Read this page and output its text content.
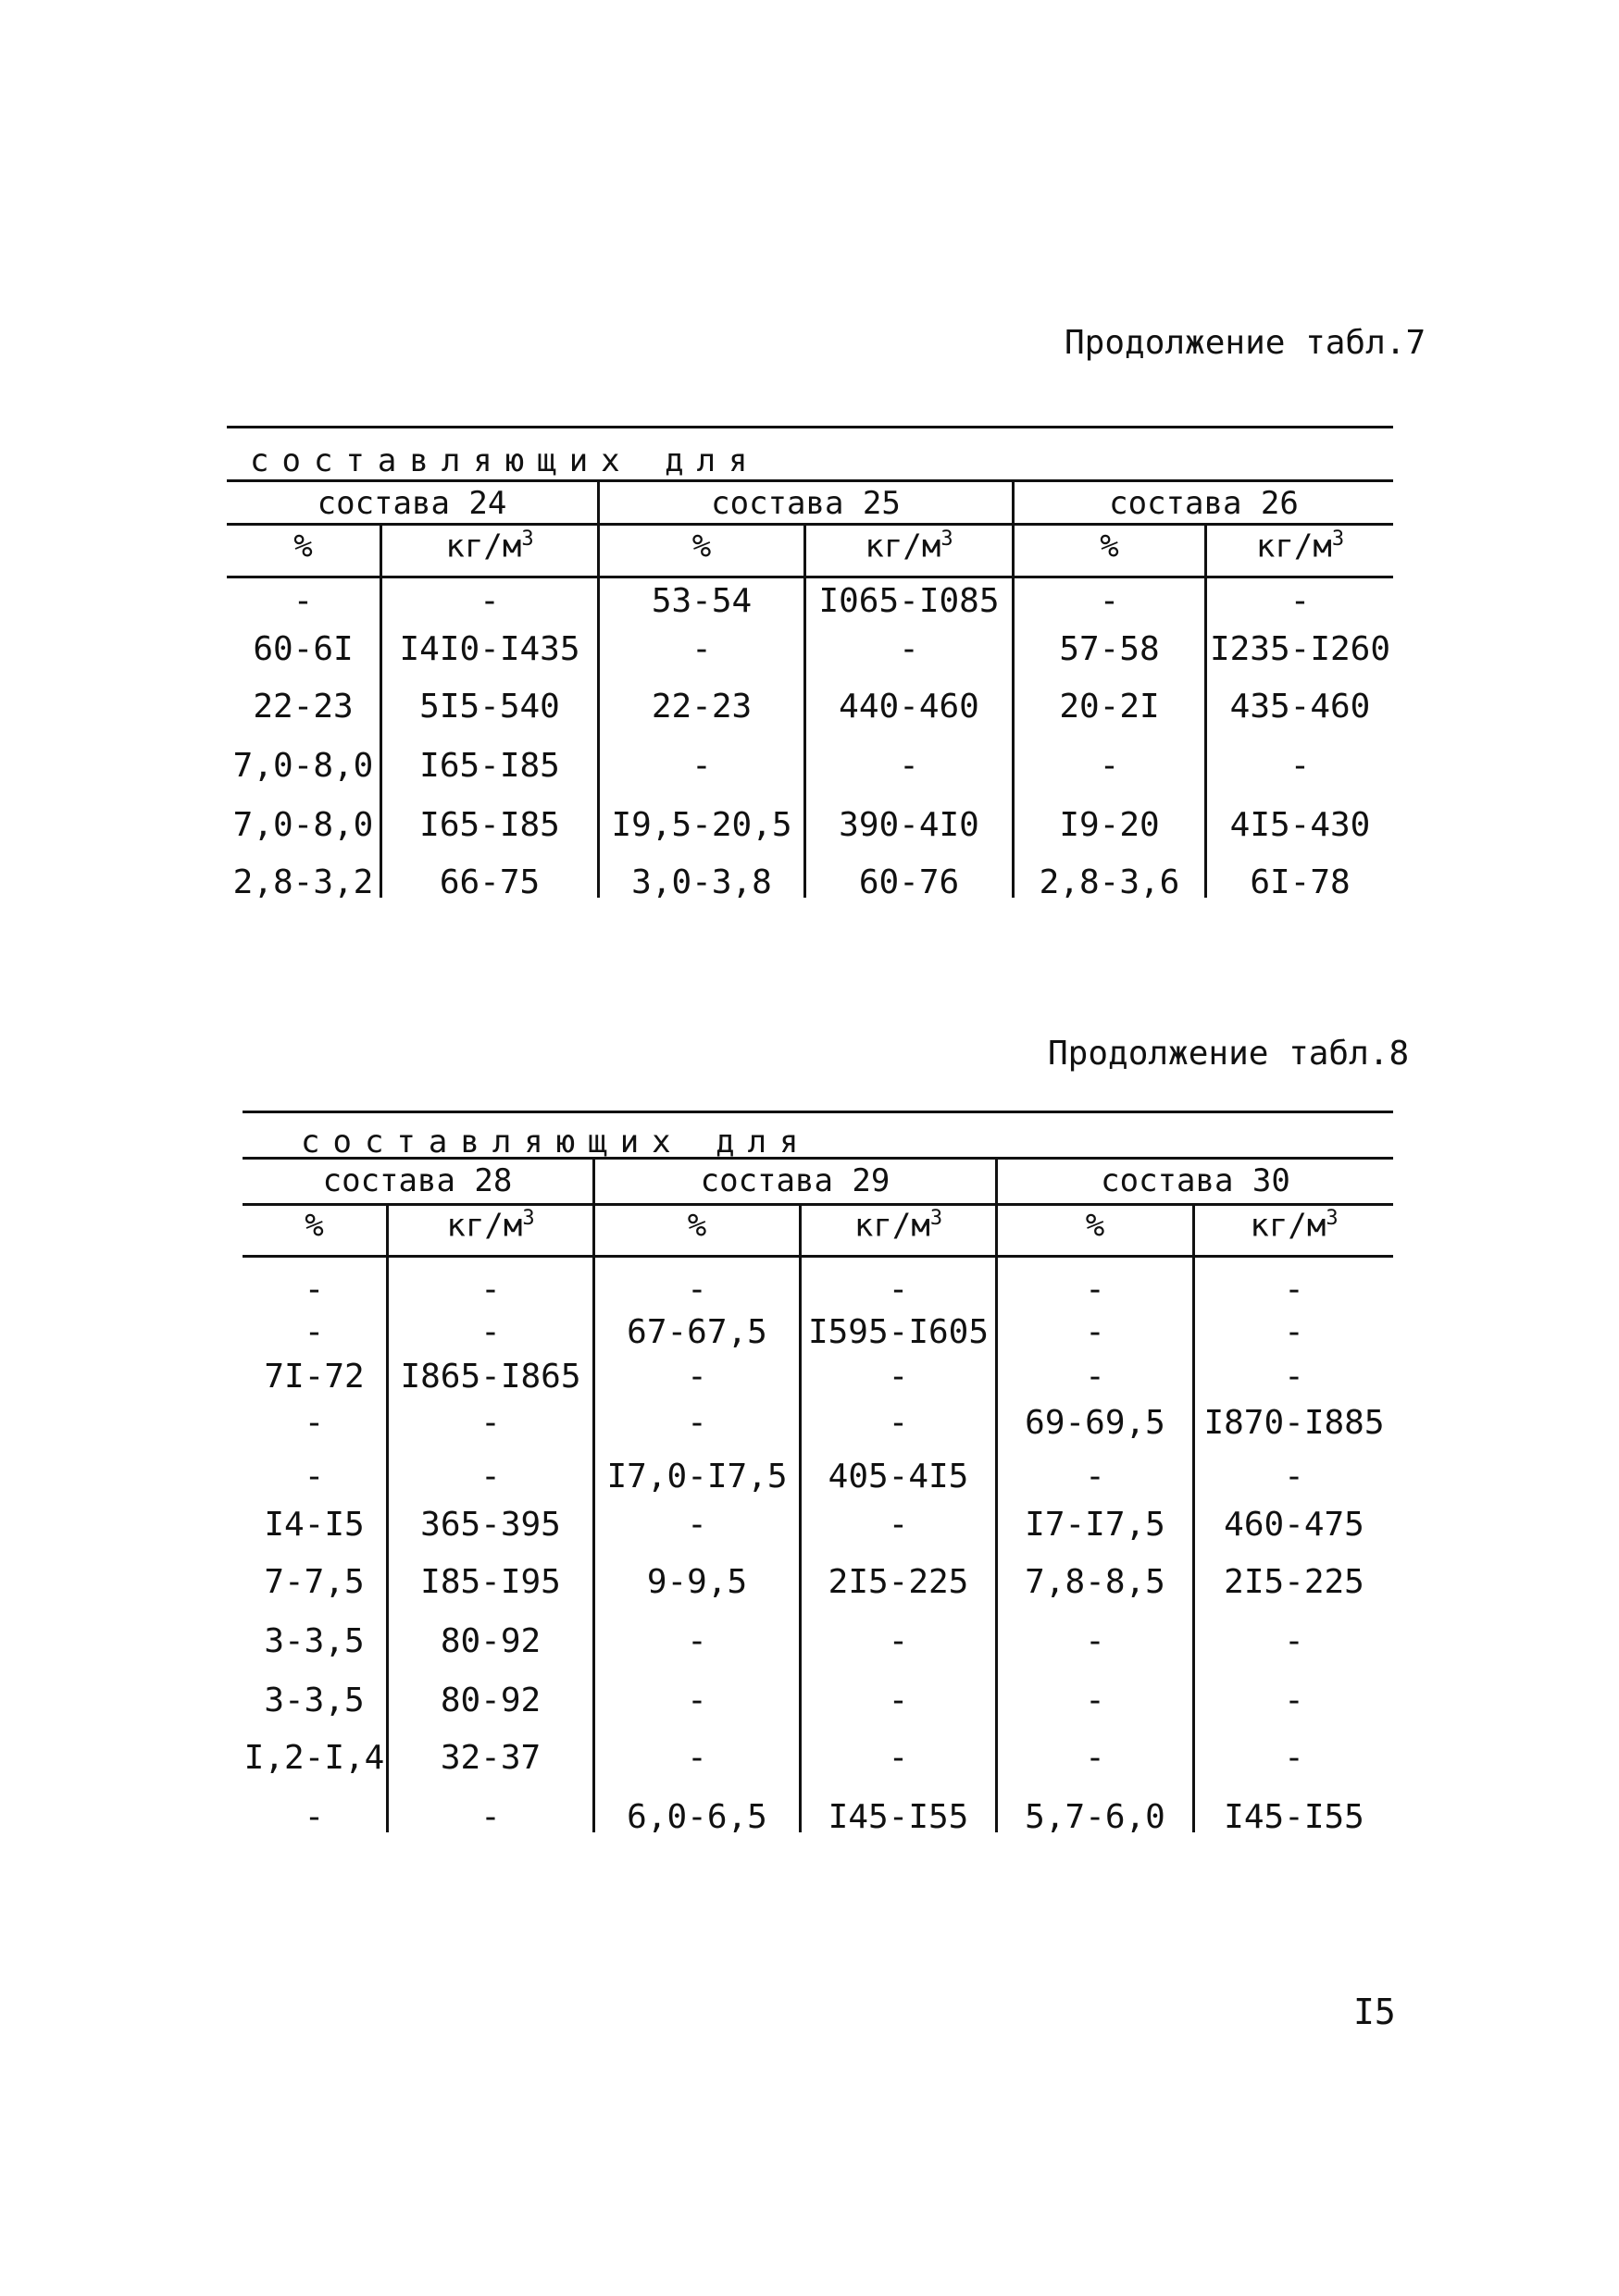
Продолжение табл.7
составляющих для
состава 24	состава 25	состава 26
%	$кг/м^3$	%	$кг/м^3$	%	$кг/м^3$
-	-	53-54	I065-I085	-	-
60-6I	I4I0-I435	-	-	57-58	I235-I260
22-23	5I5-540	22-23	440-460	20-2I	435-460
7,0-8,0	I65-I85	-	-	-	-
7,0-8,0	I65-I85	I9,5-20,5	390-4I0	I9-20	4I5-430
2,8-3,2	66-75	3,0-3,8	60-76	2,8-3,6	6I-78
Продолжение табл.8
составляющих для
состава 28	состава 29	состава 30
%	$кг/м^3$	%	$кг/м^3$	%	$кг/м^3$
-	-	-	-	-	-
-	-	67-67,5	I595-I605	-	-
7I-72	I865-I865	-	-	-	-
-	-	-	-	69-69,5	I870-I885
-	-	I7,0-I7,5	405-4I5	-	-
I4-I5	365-395	-	-	I7-I7,5	460-475
7-7,5	I85-I95	9-9,5	2I5-225	7,8-8,5	2I5-225
3-3,5	80-92	-	-	-	-
3-3,5	80-92	-	-	-	-
I,2-I,4	32-37	-	-	-	-
-	-	6,0-6,5	I45-I55	5,7-6,0	I45-I55
I5
